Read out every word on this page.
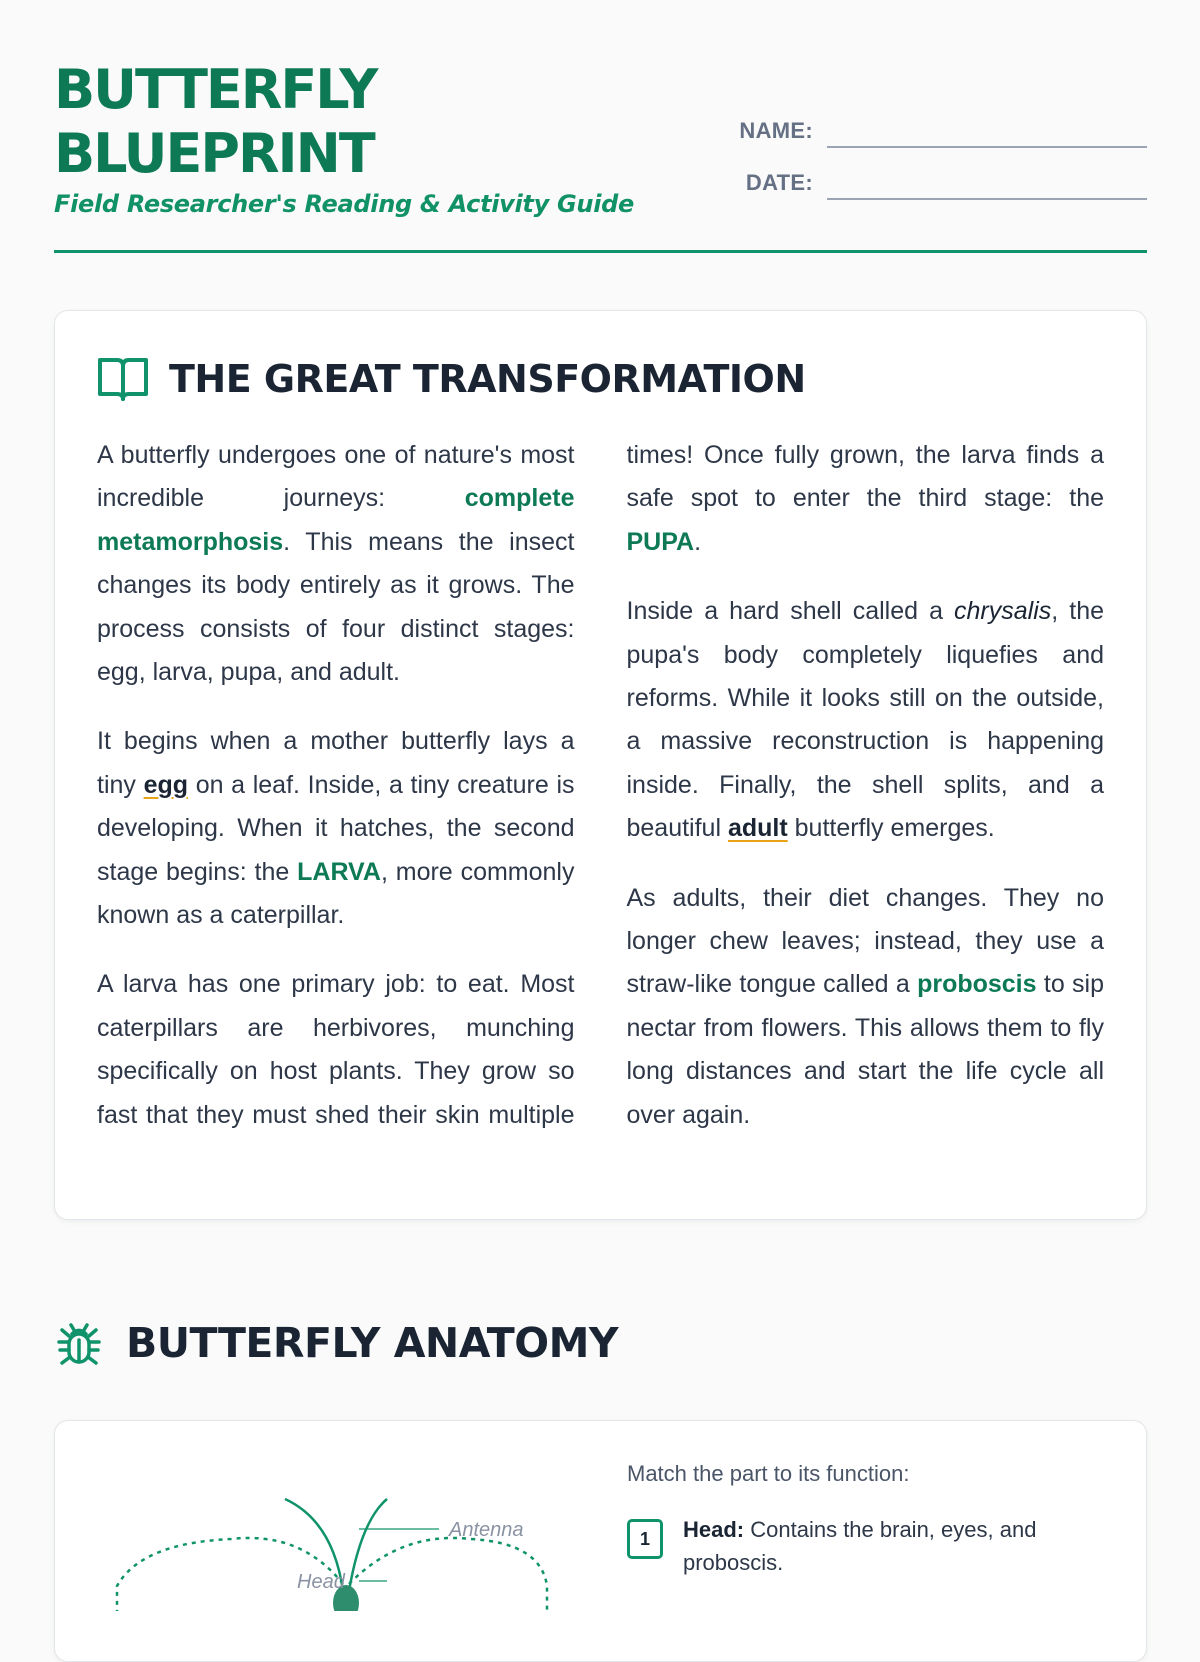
BUTTERFLY
BLUEPRINT
Field Researcher's Reading & Activity Guide
NAME:
DATE:
THE GREAT TRANSFORMATION

A butterfly undergoes one of nature's most incredible journeys: complete metamorphosis. This means the insect changes its body entirely as it grows. The process consists of four distinct stages: egg, larva, pupa, and adult.

It begins when a mother butterfly lays a tiny egg on a leaf. Inside, a tiny creature is developing. When it hatches, the second stage begins: the LARVA, more commonly known as a caterpillar.

A larva has one primary job: to eat. Most caterpillars are herbivores, munching specifically on host plants. They grow so fast that they must shed their skin multiple times! Once fully grown, the larva finds a safe spot to enter the third stage: the PUPA.

Inside a hard shell called a chrysalis, the pupa's body completely liquefies and reforms. While it looks still on the outside, a massive reconstruction is happening inside. Finally, the shell splits, and a beautiful adult butterfly emerges.

As adults, their diet changes. They no longer chew leaves; instead, they use a straw-like tongue called a proboscis to sip nectar from flowers. This allows them to fly long distances and start the life cycle all over again.

BUTTERFLY ANATOMY
Antenna
Head

Match the part to its function:

1	Head: Contains the brain, eyes, and proboscis.
